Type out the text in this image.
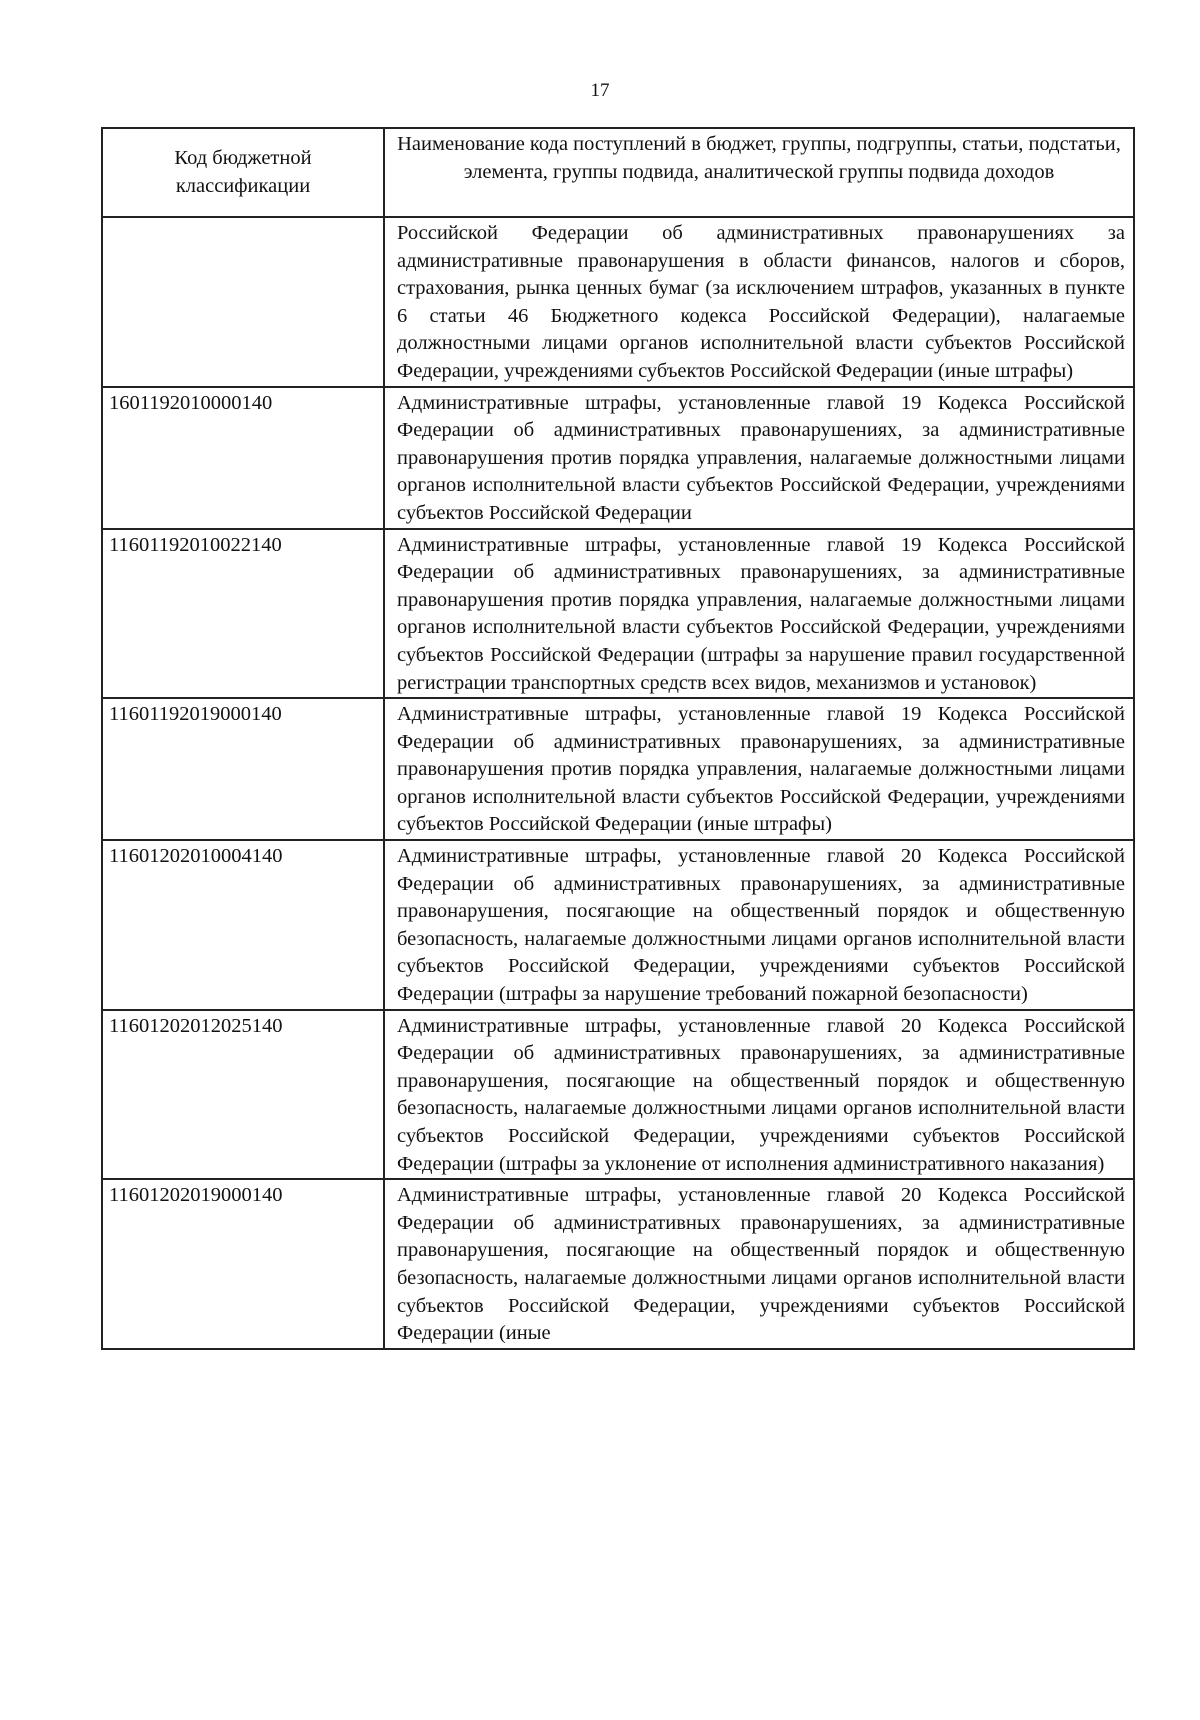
17
Код бюджетной классификации	Наименование кода поступлений в бюджет, группы, подгруппы, статьи, подстатьи, элемента, группы подвида, аналитической группы подвида доходов
	Российской Федерации об административных правонарушениях за административные правонарушения в области финансов, налогов и сборов, страхования, рынка ценных бумаг (за исключением штрафов, указанных в пункте 6 статьи 46 Бюджетного кодекса Российской Федерации), налагаемые должностными лицами органов исполнительной власти субъектов Российской Федерации, учреждениями субъектов Российской Федерации (иные штрафы)
1601192010000140	Административные штрафы, установленные главой 19 Кодекса Российской Федерации об административных правонарушениях, за административные правонарушения против порядка управления, налагаемые должностными лицами органов исполнительной власти субъектов Российской Федерации, учреждениями субъектов Российской Федерации
11601192010022140	Административные штрафы, установленные главой 19 Кодекса Российской Федерации об административных правонарушениях, за административные правонарушения против порядка управления, налагаемые должностными лицами органов исполнительной власти субъектов Российской Федерации, учреждениями субъектов Российской Федерации (штрафы за нарушение правил государственной регистрации транспортных средств всех видов, механизмов и установок)
11601192019000140	Административные штрафы, установленные главой 19 Кодекса Российской Федерации об административных правонарушениях, за административные правонарушения против порядка управления, налагаемые должностными лицами органов исполнительной власти субъектов Российской Федерации, учреждениями субъектов Российской Федерации (иные штрафы)
11601202010004140	Административные штрафы, установленные главой 20 Кодекса Российской Федерации об административных правонарушениях, за административные правонарушения, посягающие на общественный порядок и общественную безопасность, налагаемые должностными лицами органов исполнительной власти субъектов Российской Федерации, учреждениями субъектов Российской Федерации (штрафы за нарушение требований пожарной безопасности)
11601202012025140	Административные штрафы, установленные главой 20 Кодекса Российской Федерации об административных правонарушениях, за административные правонарушения, посягающие на общественный порядок и общественную безопасность, налагаемые должностными лицами органов исполнительной власти субъектов Российской Федерации, учреждениями субъектов Российской Федерации (штрафы за уклонение от исполнения административного наказания)
11601202019000140	Административные штрафы, установленные главой 20 Кодекса Российской Федерации об административных правонарушениях, за административные правонарушения, посягающие на общественный порядок и общественную безопасность, налагаемые должностными лицами органов исполнительной власти субъектов Российской Федерации, учреждениями субъектов Российской Федерации (иные
